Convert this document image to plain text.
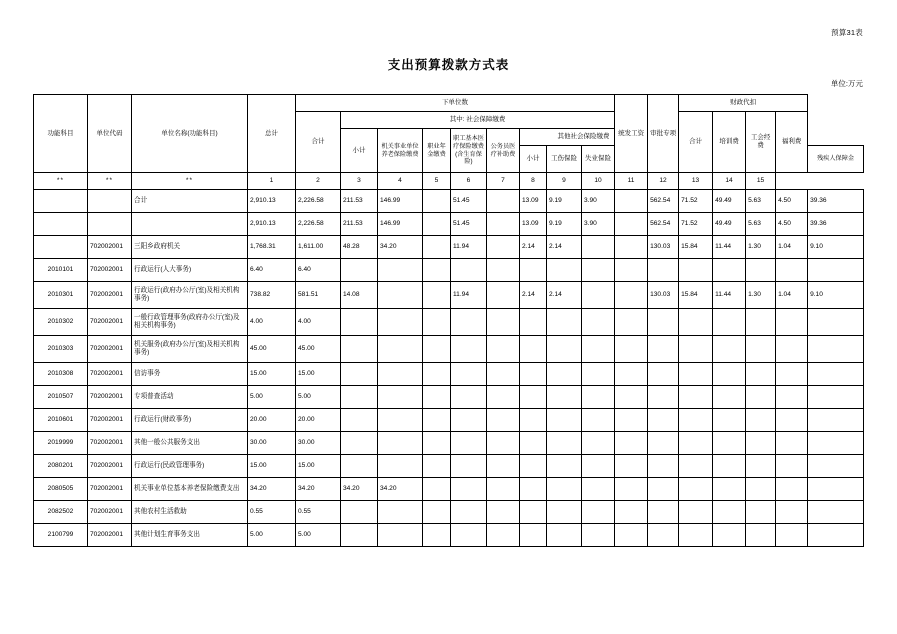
预算31表
支出预算拨款方式表
单位:万元
功能科目	单位代码	单位名称(功能科目)	总计	下单位数									统发工资	审批专项	财政代扣				
				合计	其中: 社会保障缴费										合计	培训费	工会经费	福利费	
					小计	机关事业单位养老保险缴费	职业年金缴费	职工基本医疗保险缴费(含生育保险)	公务员医疗补助费	其他社会保险缴费									
										小计	工伤保险	失业保险							残疾人保障金

**	**	**	1	2	3	4	5	6	7	8	9	10	11	12	13	14	15		
		合计	2,910.13	2,226.58	211.53	146.99		51.45		13.09	9.19	3.90		562.54	71.52	49.49	5.63	4.50	39.36
			2,910.13	2,226.58	211.53	146.99		51.45		13.09	9.19	3.90		562.54	71.52	49.49	5.63	4.50	39.36
	702002001	三阳乡政府机关	1,768.31	1,611.00	48.28	34.20		11.94		2.14	2.14			130.03	15.84	11.44	1.30	1.04	9.10
2010101	702002001	行政运行(人大事务)	6.40	6.40															
2010301	702002001	行政运行(政府办公厅(室)及相关机构事务)	738.82	581.51	14.08			11.94		2.14	2.14			130.03	15.84	11.44	1.30	1.04	9.10
2010302	702002001	一般行政管理事务(政府办公厅(室)及相关机构事务)	4.00	4.00															
2010303	702002001	机关服务(政府办公厅(室)及相关机构事务)	45.00	45.00															
2010308	702002001	信访事务	15.00	15.00															
2010507	702002001	专项普查活动	5.00	5.00															
2010601	702002001	行政运行(财政事务)	20.00	20.00															
2019999	702002001	其他一般公共服务支出	30.00	30.00															
2080201	702002001	行政运行(民政管理事务)	15.00	15.00															
2080505	702002001	机关事业单位基本养老保险缴费支出	34.20	34.20	34.20	34.20													
2082502	702002001	其他农村生活救助	0.55	0.55															
2100799	702002001	其他计划生育事务支出	5.00	5.00															
